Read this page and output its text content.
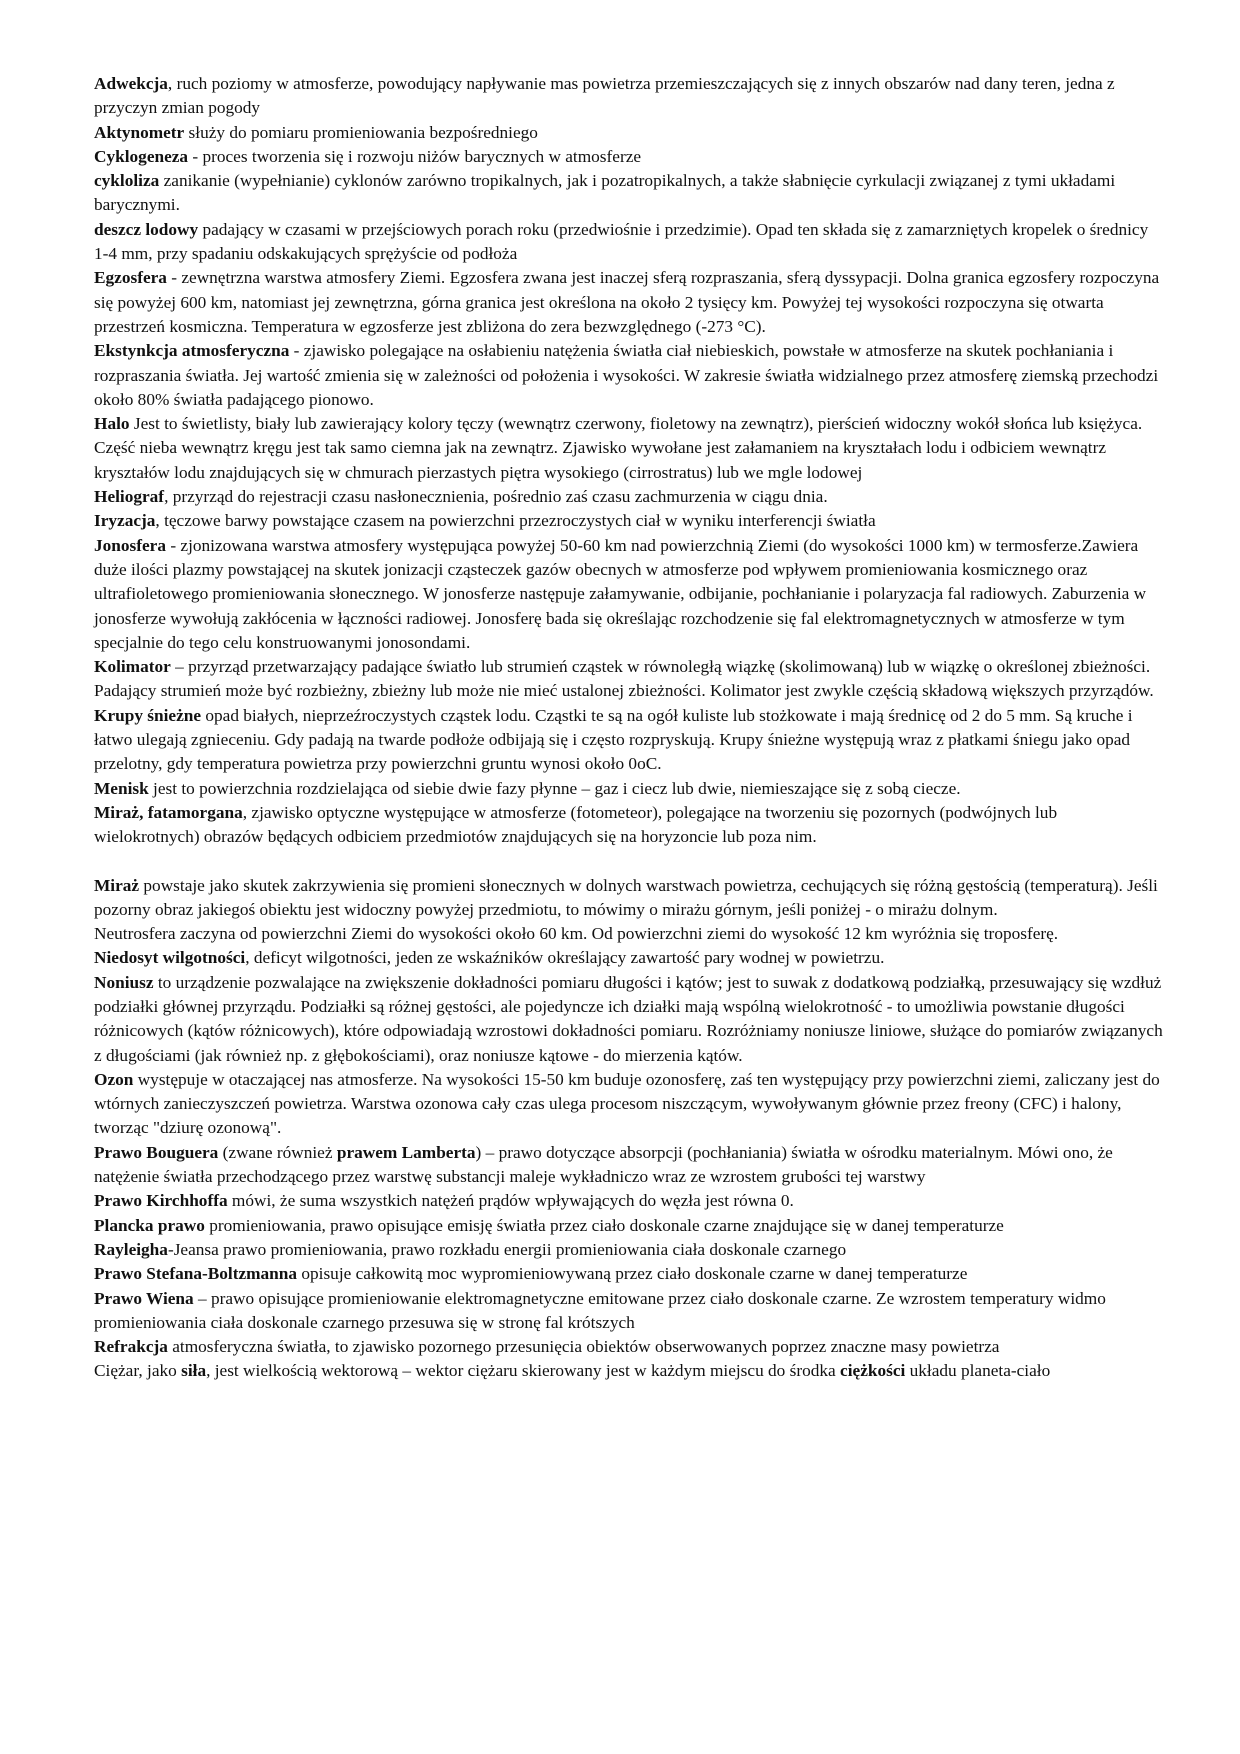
Adwekcja, ruch poziomy w atmosferze, powodujący napływanie mas powietrza przemieszczających się z innych obszarów nad dany teren, jedna z przyczyn zmian pogody

Aktynometr służy do pomiaru promieniowania bezpośredniego

Cyklogeneza - proces tworzenia się i rozwoju niżów barycznych w atmosferze

cykloliza zanikanie (wypełnianie) cyklonów zarówno tropikalnych, jak i pozatropikalnych, a także słabnięcie cyrkulacji związanej z tymi układami barycznymi.

deszcz lodowy padający w czasami w przejściowych porach roku (przedwiośnie i przedzimie). Opad ten składa się z zamarzniętych kropelek o średnicy 1-4 mm, przy spadaniu odskakujących sprężyście od podłoża

Egzosfera - zewnętrzna warstwa atmosfery Ziemi. Egzosfera zwana jest inaczej sferą rozpraszania, sferą dyssypacji. Dolna granica egzosfery rozpoczyna się powyżej 600 km, natomiast jej zewnętrzna, górna granica jest określona na około 2 tysięcy km. Powyżej tej wysokości rozpoczyna się otwarta przestrzeń kosmiczna. Temperatura w egzosferze jest zbliżona do zera bezwzględnego (-273 °C).

Ekstynkcja atmosferyczna - zjawisko polegające na osłabieniu natężenia światła ciał niebieskich, powstałe w atmosferze na skutek pochłaniania i rozpraszania światła. Jej wartość zmienia się w zależności od położenia i wysokości. W zakresie światła widzialnego przez atmosferę ziemską przechodzi około 80% światła padającego pionowo.

Halo Jest to świetlisty, biały lub zawierający kolory tęczy (wewnątrz czerwony, fioletowy na zewnątrz), pierścień widoczny wokół słońca lub księżyca. Część nieba wewnątrz kręgu jest tak samo ciemna jak na zewnątrz. Zjawisko wywołane jest załamaniem na kryształach lodu i odbiciem wewnątrz kryształów lodu znajdujących się w chmurach pierzastych piętra wysokiego (cirrostratus) lub we mgle lodowej

Heliograf, przyrząd do rejestracji czasu nasłonecznienia, pośrednio zaś czasu zachmurzenia w ciągu dnia.

Iryzacja, tęczowe barwy powstające czasem na powierzchni przezroczystych ciał w wyniku interferencji światła

Jonosfera - zjonizowana warstwa atmosfery występująca powyżej 50-60 km nad powierzchnią Ziemi (do wysokości 1000 km) w termosferze.Zawiera duże ilości plazmy powstającej na skutek jonizacji cząsteczek gazów obecnych w atmosferze pod wpływem promieniowania kosmicznego oraz ultrafioletowego promieniowania słonecznego. W jonosferze następuje załamywanie, odbijanie, pochłanianie i polaryzacja fal radiowych. Zaburzenia w jonosferze wywołują zakłócenia w łączności radiowej. Jonosferę bada się określając rozchodzenie się fal elektromagnetycznych w atmosferze w tym specjalnie do tego celu konstruowanymi jonosondami.

Kolimator – przyrząd przetwarzający padające światło lub strumień cząstek w równoległą wiązkę (skolimowaną) lub w wiązkę o określonej zbieżności. Padający strumień może być rozbieżny, zbieżny lub może nie mieć ustalonej zbieżności. Kolimator jest zwykle częścią składową większych przyrządów.

Krupy śnieżne opad białych, nieprzeźroczystych cząstek lodu. Cząstki te są na ogół kuliste lub stożkowate i mają średnicę od 2 do 5 mm. Są kruche i łatwo ulegają zgnieceniu. Gdy padają na twarde podłoże odbijają się i często rozpryskują. Krupy śnieżne występują wraz z płatkami śniegu jako opad przelotny, gdy temperatura powietrza przy powierzchni gruntu wynosi około 0oC.

Menisk jest to powierzchnia rozdzielająca od siebie dwie fazy płynne – gaz i ciecz lub dwie, niemieszające się z sobą ciecze.

Miraż, fatamorgana, zjawisko optyczne występujące w atmosferze (fotometeor), polegające na tworzeniu się pozornych (podwójnych lub wielokrotnych) obrazów będących odbiciem przedmiotów znajdujących się na horyzoncie lub poza nim.

Miraż powstaje jako skutek zakrzywienia się promieni słonecznych w dolnych warstwach powietrza, cechujących się różną gęstością (temperaturą). Jeśli pozorny obraz jakiegoś obiektu jest widoczny powyżej przedmiotu, to mówimy o mirażu górnym, jeśli poniżej - o mirażu dolnym.

Neutrosfera zaczyna od powierzchni Ziemi do wysokości około 60 km. Od powierzchni ziemi do wysokość 12 km wyróżnia się troposferę.

Niedosyt wilgotności, deficyt wilgotności, jeden ze wskaźników określający zawartość pary wodnej w powietrzu.

Noniusz to urządzenie pozwalające na zwiększenie dokładności pomiaru długości i kątów; jest to suwak z dodatkową podziałką, przesuwający się wzdłuż podziałki głównej przyrządu. Podziałki są różnej gęstości, ale pojedyncze ich działki mają wspólną wielokrotność - to umożliwia powstanie długości różnicowych (kątów różnicowych), które odpowiadają wzrostowi dokładności pomiaru. Rozróżniamy noniusze liniowe, służące do pomiarów związanych z długościami (jak również np. z głębokościami), oraz noniusze kątowe - do mierzenia kątów.

Ozon występuje w otaczającej nas atmosferze. Na wysokości 15-50 km buduje ozonosferę, zaś ten występujący przy powierzchni ziemi, zaliczany jest do wtórnych zanieczyszczeń powietrza. Warstwa ozonowa cały czas ulega procesom niszczącym, wywoływanym głównie przez freony (CFC) i halony, tworząc "dziurę ozonową".

Prawo Bouguera (zwane również prawem Lamberta) – prawo dotyczące absorpcji (pochłaniania) światła w ośrodku materialnym. Mówi ono, że natężenie światła przechodzącego przez warstwę substancji maleje wykładniczo wraz ze wzrostem grubości tej warstwy

Prawo Kirchhoffa mówi, że suma wszystkich natężeń prądów wpływających do węzła jest równa 0.

Plancka prawo promieniowania, prawo opisujące emisję światła przez ciało doskonale czarne znajdujące się w danej temperaturze

Rayleigha-Jeansa prawo promieniowania, prawo rozkładu energii promieniowania ciała doskonale czarnego

Prawo Stefana-Boltzmanna opisuje całkowitą moc wypromieniowywaną przez ciało doskonale czarne w danej temperaturze

Prawo Wiena – prawo opisujące promieniowanie elektromagnetyczne emitowane przez ciało doskonale czarne. Ze wzrostem temperatury widmo promieniowania ciała doskonale czarnego przesuwa się w stronę fal krótszych

Refrakcja atmosferyczna światła, to zjawisko pozornego przesunięcia obiektów obserwowanych poprzez znaczne masy powietrza

Ciężar, jako siła, jest wielkością wektorową – wektor ciężaru skierowany jest w każdym miejscu do środka ciężkości układu planeta-ciało
